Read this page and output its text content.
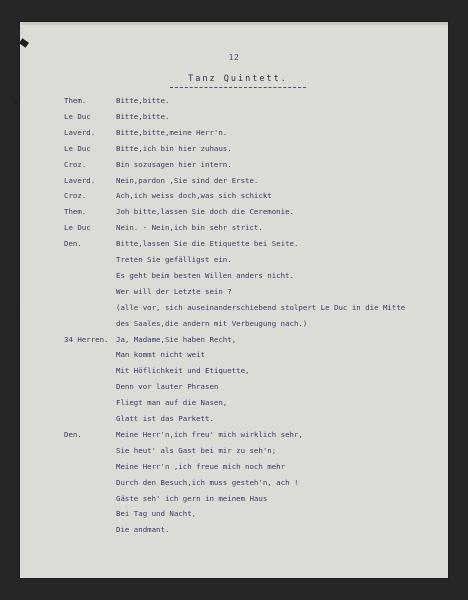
12
Tanz Quintett.
Them.	Bitte,bitte.
Le Duc	Bitte,bitte.
Laverd.	Bitte,bitte,meine Herr'n.
Le Duc	Bitte,ich bin hier zuhaus.
Croz.	Bin sozusagen hier intern.
Laverd.	Nein,pardon ,Sie sind der Erste.
Croz.	Ach,ich weiss doch,was sich schickt
Them.	Joh bitte,lassen Sie doch die Ceremonie.
Le Duc	Nein. - Nein,ich bin sehr strict.
Den.	Bitte,lassen Sie die Etiquette bei Seite.
Treten Sie gefälligst ein.
Es geht beim besten Willen anders nicht.
Wer will der Letzte sein ?
(alle vor, sich auseinanderschiebend stolpert Le Duc in die Mitte
des Saales,die andern mit Verbeugung nach.)
34 Herren. Ja, Madame,Sie haben Recht,
Man kommt nicht weit
Mit Höflichkeit und Etiquette,
Denn vor lauter Phrasen
Fliegt man auf die Nasen,
Glatt ist das Parkett.
Den.	Meine Herr'n,ich freu' mich wirklich sehr,
Sie heut' als Gast bei mir zu seh'n;
Meine Herr'n ,ich freue mich noch mehr
Durch den Besuch,ich muss gesteh'n, ach !
Gäste seh' ich gern in meinem Haus
Bei Tag und Nacht,
Die andmant.
